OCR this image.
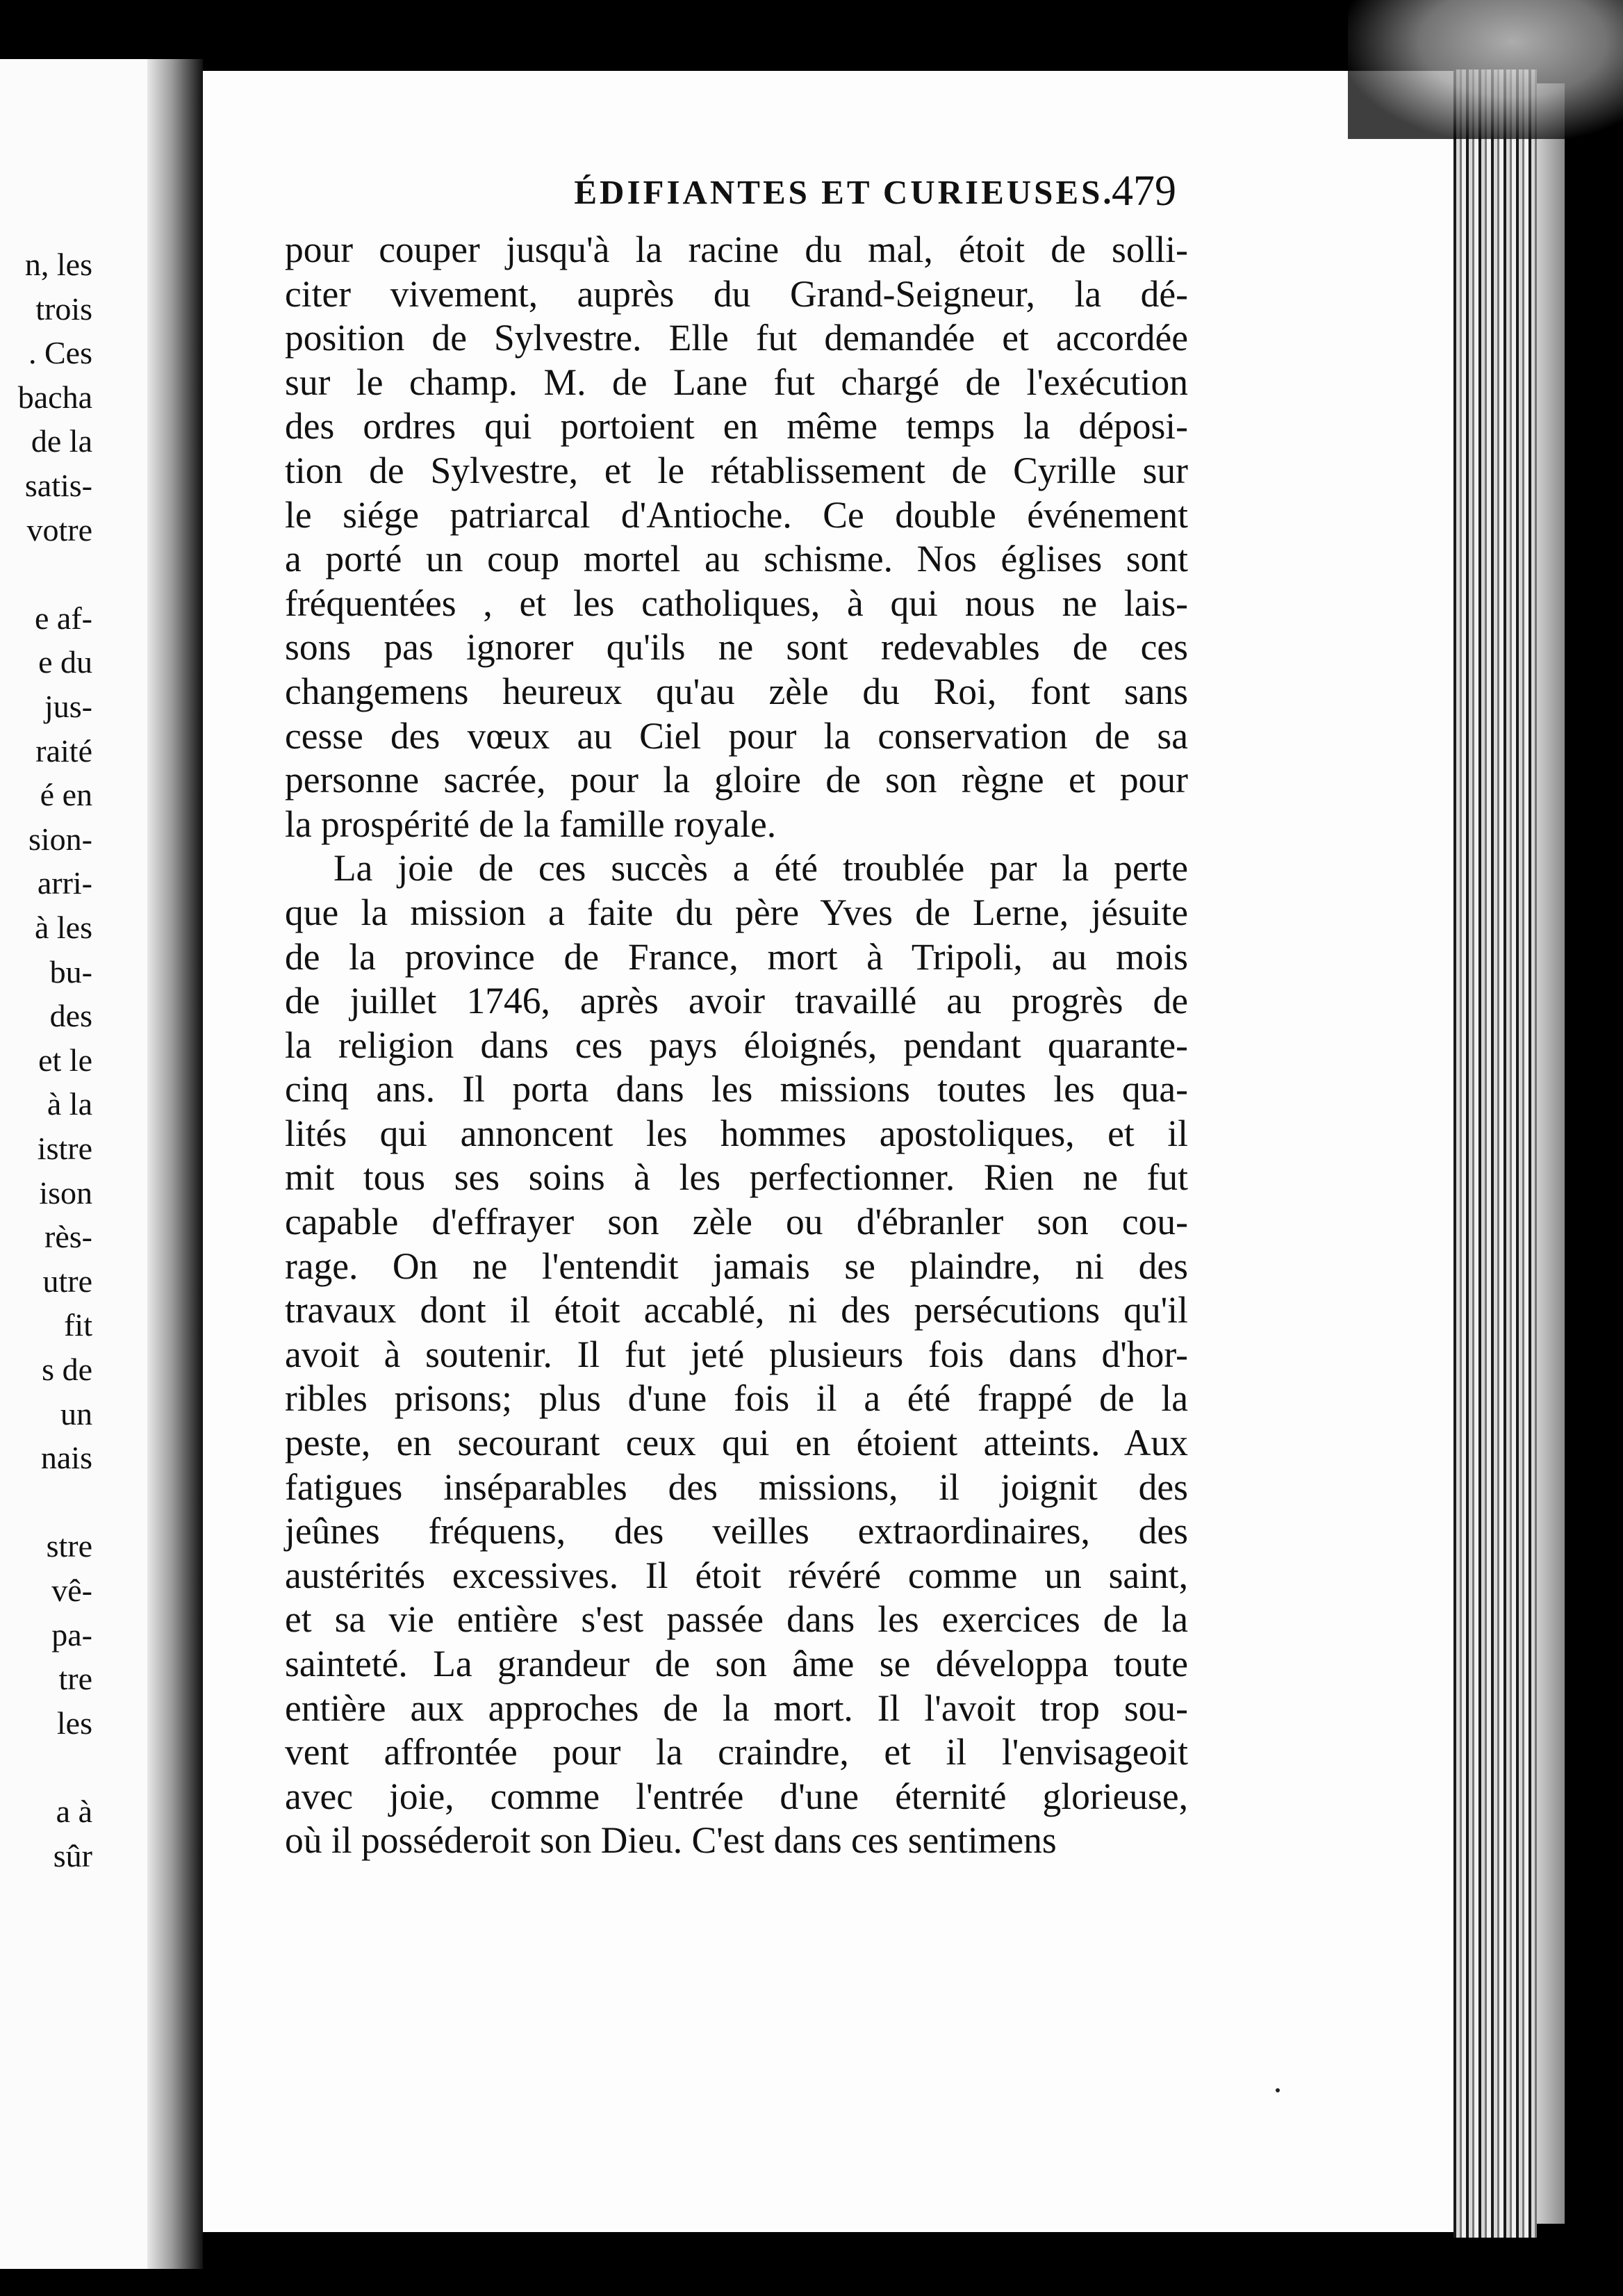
n, les
trois
. Ces
bacha
de la
satis-
votre
e af-
e du
jus-
raité
é en
sion-
arri-
à les
bu-
des
et le
à la
istre
ison
rès-
utre
fit
s de
un
nais
stre
vê-
pa-
tre
les
a à
sûr
ÉDIFIANTES ET CURIEUSES.
479
pour couper jusqu'à la racine du mal, étoit de solli-
citer vivement, auprès du Grand-Seigneur, la dé-
position de Sylvestre. Elle fut demandée et accordée
sur le champ. M. de Lane fut chargé de l'exécution
des ordres qui portoient en même temps la déposi-
tion de Sylvestre, et le rétablissement de Cyrille sur
le siége patriarcal d'Antioche. Ce double événement
a porté un coup mortel au schisme. Nos églises sont
fréquentées , et les catholiques, à qui nous ne lais-
sons pas ignorer qu'ils ne sont redevables de ces
changemens heureux qu'au zèle du Roi, font sans
cesse des vœux au Ciel pour la conservation de sa
personne sacrée, pour la gloire de son règne et pour
la prospérité de la famille royale.
La joie de ces succès a été troublée par la perte
que la mission a faite du père Yves de Lerne, jésuite
de la province de France, mort à Tripoli, au mois
de juillet 1746, après avoir travaillé au progrès de
la religion dans ces pays éloignés, pendant quarante-
cinq ans. Il porta dans les missions toutes les qua-
lités qui annoncent les hommes apostoliques, et il
mit tous ses soins à les perfectionner. Rien ne fut
capable d'effrayer son zèle ou d'ébranler son cou-
rage. On ne l'entendit jamais se plaindre, ni des
travaux dont il étoit accablé, ni des persécutions qu'il
avoit à soutenir. Il fut jeté plusieurs fois dans d'hor-
ribles prisons; plus d'une fois il a été frappé de la
peste, en secourant ceux qui en étoient atteints. Aux
fatigues inséparables des missions, il joignit des
jeûnes fréquens, des veilles extraordinaires, des
austérités excessives. Il étoit révéré comme un saint,
et sa vie entière s'est passée dans les exercices de la
sainteté. La grandeur de son âme se développa toute
entière aux approches de la mort. Il l'avoit trop sou-
vent affrontée pour la craindre, et il l'envisageoit
avec joie, comme l'entrée d'une éternité glorieuse,
où il posséderoit son Dieu. C'est dans ces sentimens
